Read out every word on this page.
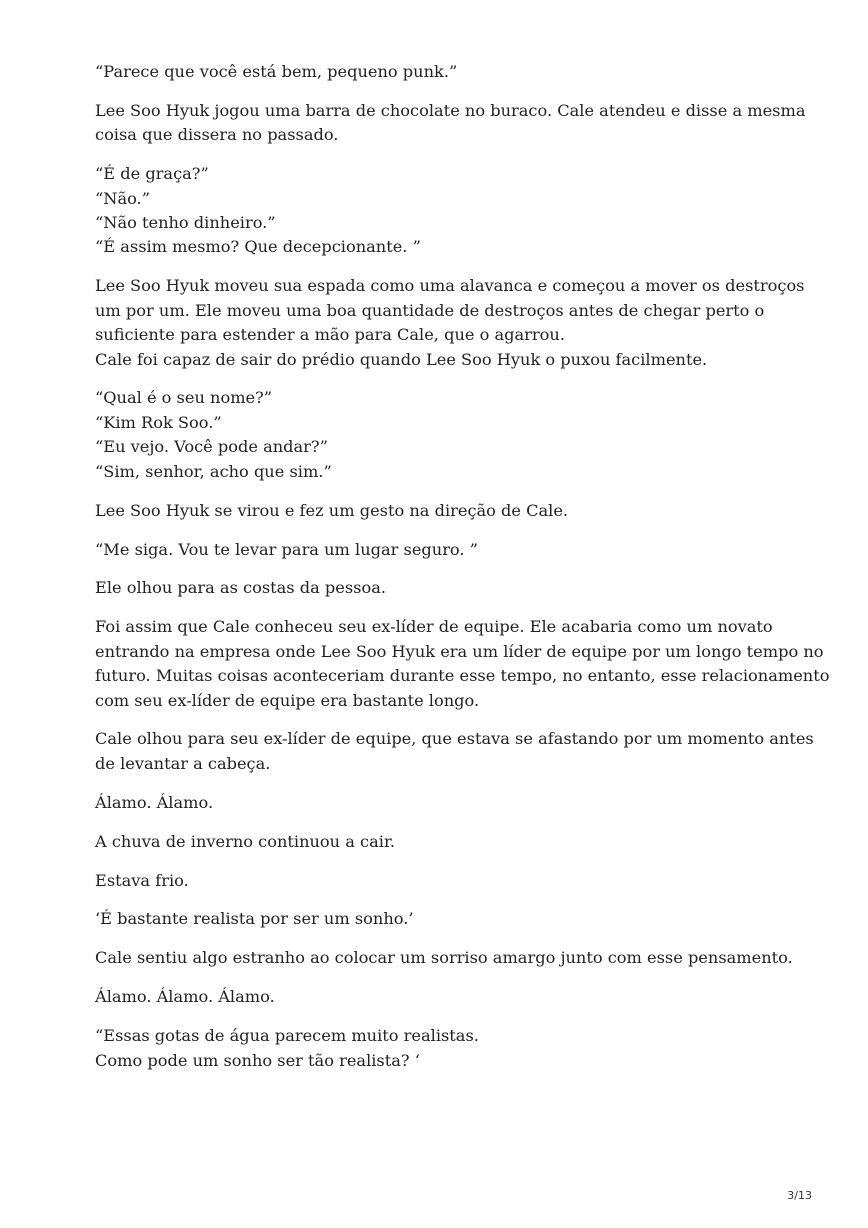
“Parece que você está bem, pequeno punk.”

Lee Soo Hyuk jogou uma barra de chocolate no buraco. Cale atendeu e disse a mesma
coisa que dissera no passado.

“É de graça?”
“Não.”
“Não tenho dinheiro.”
“É assim mesmo? Que decepcionante. ”

Lee Soo Hyuk moveu sua espada como uma alavanca e começou a mover os destroços
um por um. Ele moveu uma boa quantidade de destroços antes de chegar perto o
suficiente para estender a mão para Cale, que o agarrou.
Cale foi capaz de sair do prédio quando Lee Soo Hyuk o puxou facilmente.

“Qual é o seu nome?”
“Kim Rok Soo.”
“Eu vejo. Você pode andar?”
“Sim, senhor, acho que sim.”

Lee Soo Hyuk se virou e fez um gesto na direção de Cale.

“Me siga. Vou te levar para um lugar seguro. ”

Ele olhou para as costas da pessoa.

Foi assim que Cale conheceu seu ex-líder de equipe. Ele acabaria como um novato
entrando na empresa onde Lee Soo Hyuk era um líder de equipe por um longo tempo no
futuro. Muitas coisas aconteceriam durante esse tempo, no entanto, esse relacionamento
com seu ex-líder de equipe era bastante longo.

Cale olhou para seu ex-líder de equipe, que estava se afastando por um momento antes
de levantar a cabeça.

Álamo. Álamo.

A chuva de inverno continuou a cair.

Estava frio.

‘É bastante realista por ser um sonho.’

Cale sentiu algo estranho ao colocar um sorriso amargo junto com esse pensamento.

Álamo. Álamo. Álamo.

“Essas gotas de água parecem muito realistas.
Como pode um sonho ser tão realista? ‘

3/13
